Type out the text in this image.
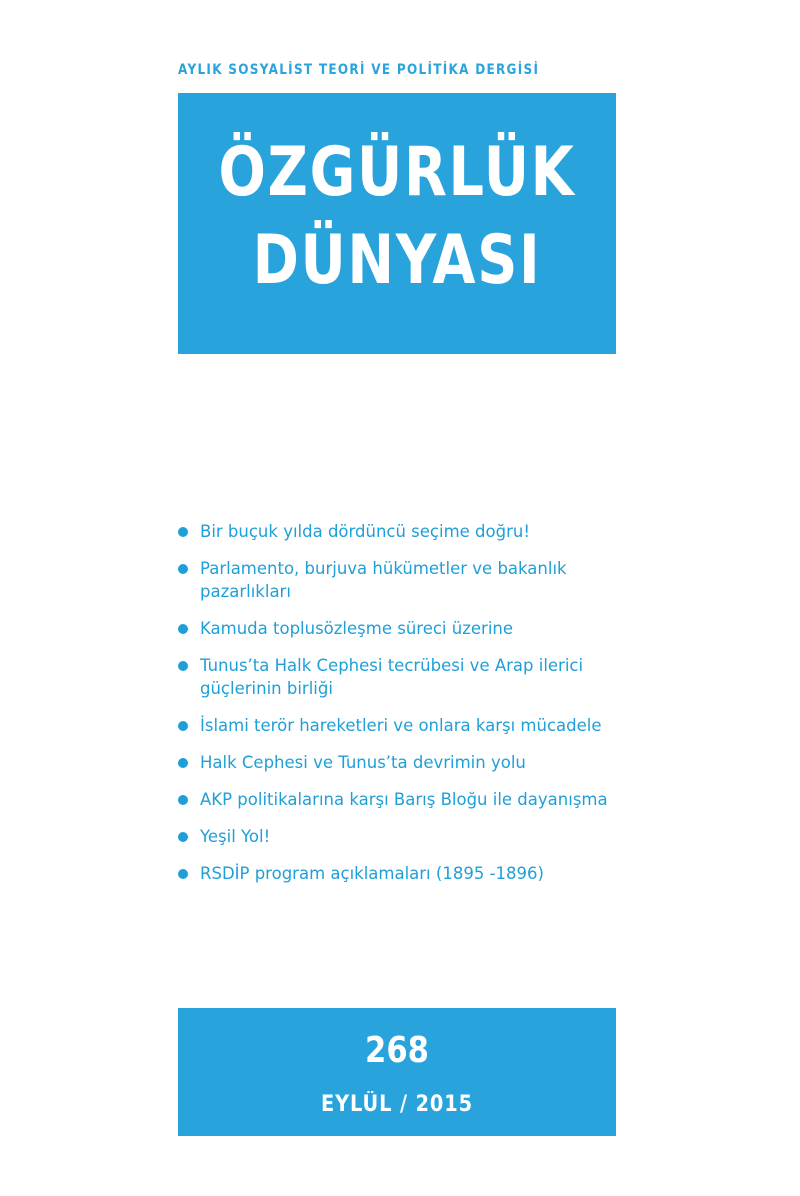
AYLIK SOSYALİST TEORİ VE POLİTİKA DERGİSİ
ÖZGÜRLÜK
DÜNYASI
Bir buçuk yılda dördüncü seçime doğru!
Parlamento, burjuva hükümetler ve bakanlık pazarlıkları
Kamuda toplusözleşme süreci üzerine
Tunus’ta Halk Cephesi tecrübesi ve Arap ilerici güçlerinin birliği
İslami terör hareketleri ve onlara karşı mücadele
Halk Cephesi ve Tunus’ta devrimin yolu
AKP politikalarına karşı Barış Bloğu ile dayanışma
Yeşil Yol!
RSDİP program açıklamaları (1895 -1896)
268
EYLÜL / 2015
